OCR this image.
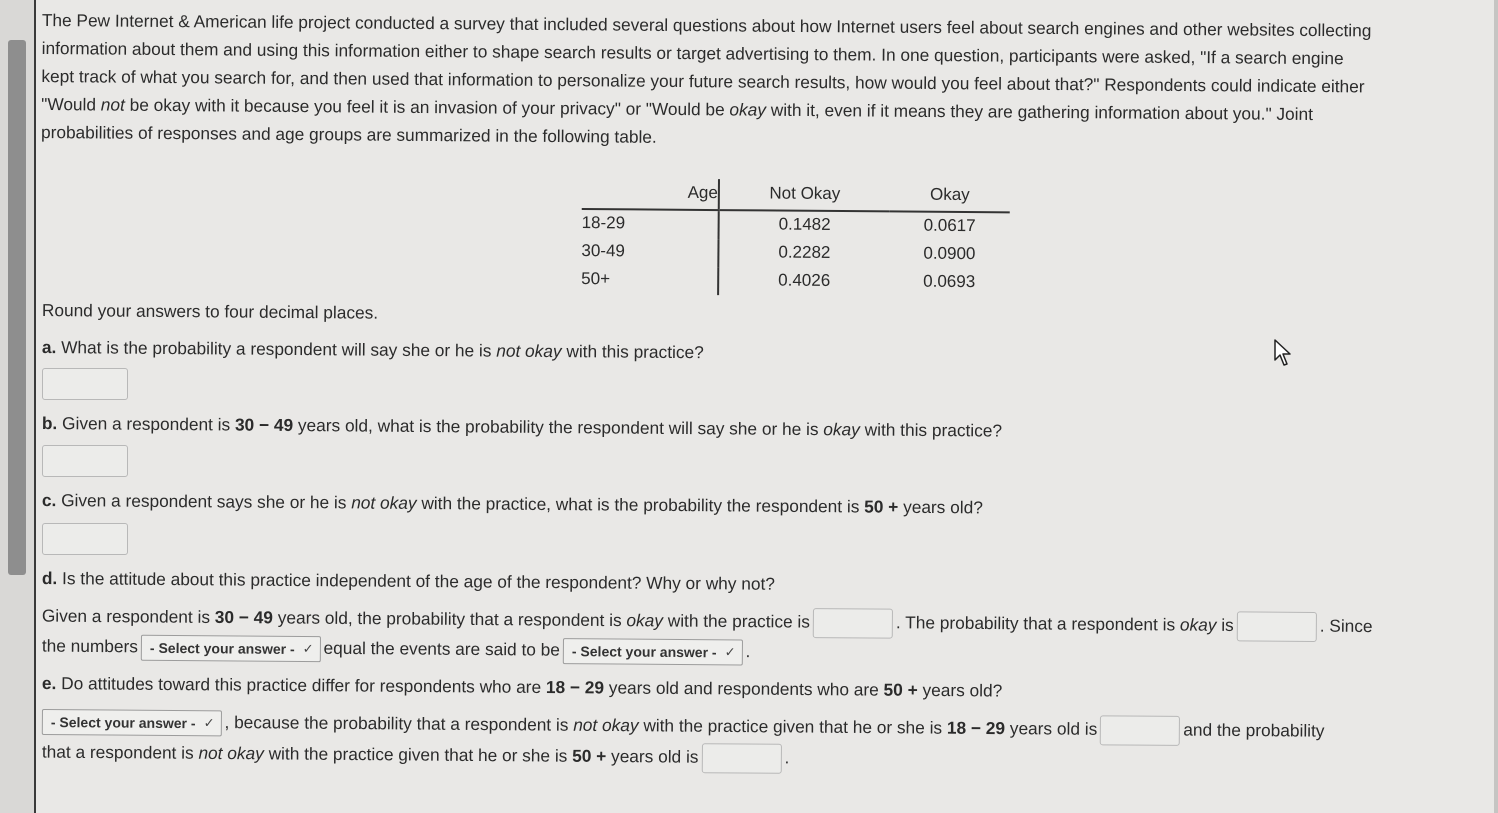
The Pew Internet & American life project conducted a survey that included several questions about how Internet users feel about search engines and other websites collecting
information about them and using this information either to shape search results or target advertising to them. In one question, participants were asked, "If a search engine
kept track of what you search for, and then used that information to personalize your future search results, how would you feel about that?" Respondents could indicate either
"Would not be okay with it because you feel it is an invasion of your privacy" or "Would be okay with it, even if it means they are gathering information about you." Joint
probabilities of responses and age groups are summarized in the following table.
Age	Not Okay	Okay
18-29	0.1482	0.0617
30-49	0.2282	0.0900
50+	0.4026	0.0693
Round your answers to four decimal places.
a. What is the probability a respondent will say she or he is not okay with this practice?
b. Given a respondent is 30 − 49 years old, what is the probability the respondent will say she or he is okay with this practice?
c. Given a respondent says she or he is not okay with the practice, what is the probability the respondent is 50 + years old?
d. Is the attitude about this practice independent of the age of the respondent? Why or why not?
Given a respondent is 30 − 49 years old, the probability that a respondent is okay with the practice is	. The probability that a respondent is okay is	. Since
the numbers - Select your answer - ✓ equal the events are said to be - Select your answer - ✓ .
e. Do attitudes toward this practice differ for respondents who are 18 − 29 years old and respondents who are 50 + years old?
- Select your answer - ✓ , because the probability that a respondent is not okay with the practice given that he or she is 18 − 29 years old is	and the probability
that a respondent is not okay with the practice given that he or she is 50 + years old is	.
